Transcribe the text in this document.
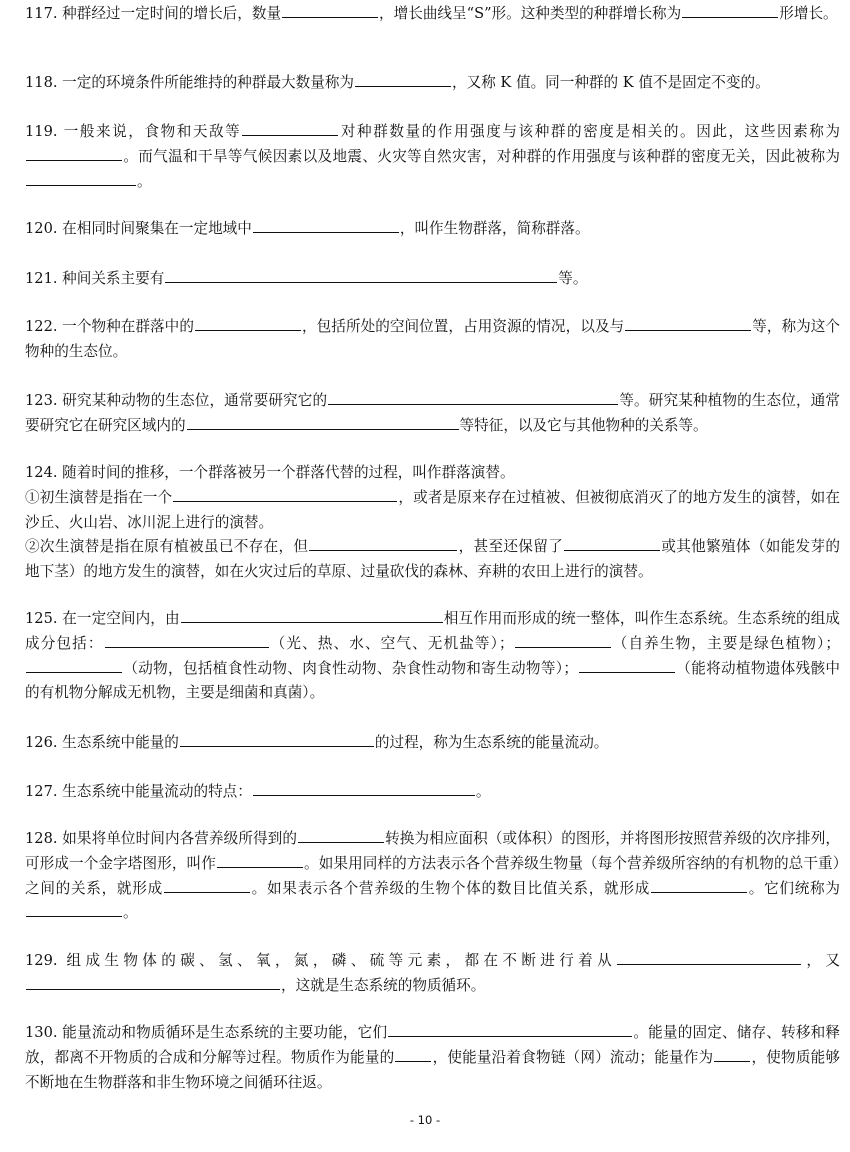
117. 种群经过一定时间的增长后，数量	，增长曲线呈“S”形。这种类型的种群增长称为	形增长。
118. 一定的环境条件所能维持的种群最大数量称为	，又称 K 值。同一种群的 K 值不是固定不变的。
119. 一般来说，食物和天敌等	对种群数量的作用强度与该种群的密度是相关的。因此，这些因素称为。而气温和干旱等气候因素以及地震、火灾等自然灾害，对种群的作用强度与该种群的密度无关，因此被称为。
120. 在相同时间聚集在一定地域中	，叫作生物群落，简称群落。
121. 种间关系主要有	等。
122. 一个物种在群落中的	，包括所处的空间位置，占用资源的情况，以及与	等，称为这个物种的生态位。
123. 研究某种动物的生态位，通常要研究它的	等。研究某种植物的生态位，通常要研究它在研究区域内的	等特征，以及它与其他物种的关系等。
124. 随着时间的推移，一个群落被另一个群落代替的过程，叫作群落演替。
①初生演替是指在一个	，或者是原来存在过植被、但被彻底消灭了的地方发生的演替，如在沙丘、火山岩、冰川泥上进行的演替。
②次生演替是指在原有植被虽已不存在，但	，甚至还保留了	或其他繁殖体（如能发芽的地下茎）的地方发生的演替，如在火灾过后的草原、过量砍伐的森林、弃耕的农田上进行的演替。
125. 在一定空间内，由	相互作用而形成的统一整体，叫作生态系统。生态系统的组成成分包括：	（光、热、水、空气、无机盐等）；	（自养生物，主要是绿色植物）；（动物，包括植食性动物、肉食性动物、杂食性动物和寄生动物等）；	（能将动植物遗体残骸中的有机物分解成无机物，主要是细菌和真菌）。
126. 生态系统中能量的	的过程，称为生态系统的能量流动。
127. 生态系统中能量流动的特点：	。
128. 如果将单位时间内各营养级所得到的	转换为相应面积（或体积）的图形，并将图形按照营养级的次序排列，可形成一个金字塔图形，叫作	。如果用同样的方法表示各个营养级生物量（每个营养级所容纳的有机物的总干重）之间的关系，就形成	。如果表示各个营养级的生物个体的数目比值关系，就形成	。它们统称为。
129. 组成生物体的碳、氢、氧，氮，磷、硫等元素，都在不断进行着从	，又，这就是生态系统的物质循环。
130. 能量流动和物质循环是生态系统的主要功能，它们	。能量的固定、储存、转移和释放，都离不开物质的合成和分解等过程。物质作为能量的	，使能量沿着食物链（网）流动；能量作为	，使物质能够不断地在生物群落和非生物环境之间循环往返。
- 10 -
